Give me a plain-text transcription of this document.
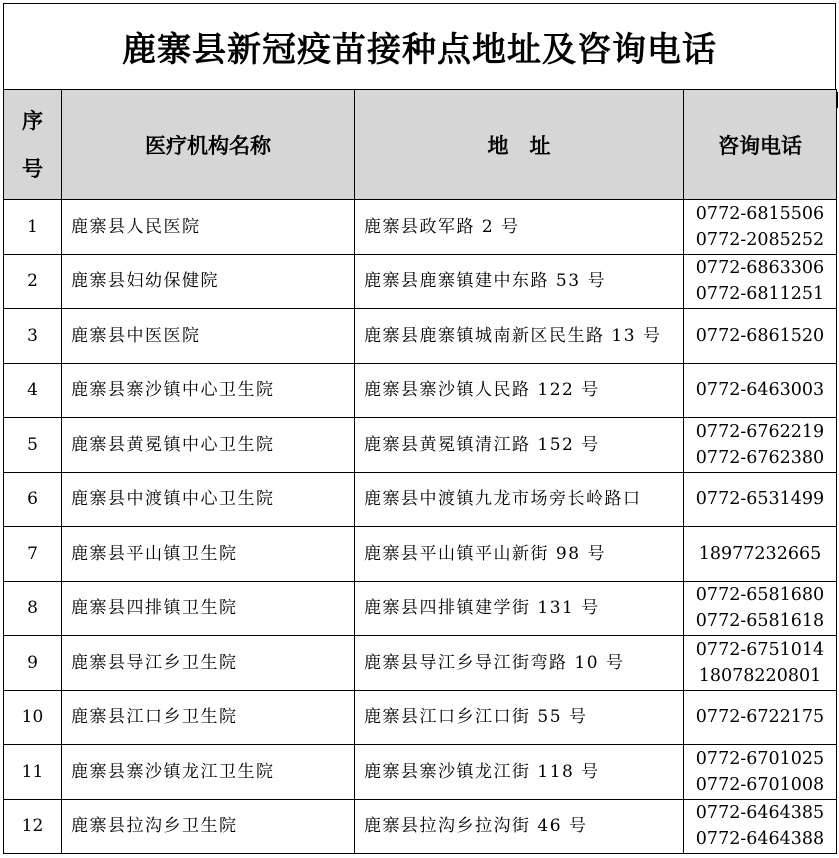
鹿寨县新冠疫苗接种点地址及咨询电话
序
号	医疗机构名称	地　址	咨询电话
1	鹿寨县人民医院	鹿寨县政军路 2 号	0772-6815506
0772-2085252

2	鹿寨县妇幼保健院	鹿寨县鹿寨镇建中东路 53 号	0772-6863306
0772-6811251

3	鹿寨县中医医院	鹿寨县鹿寨镇城南新区民生路 13 号	0772-6861520

4	鹿寨县寨沙镇中心卫生院	鹿寨县寨沙镇人民路 122 号	0772-6463003

5	鹿寨县黄冕镇中心卫生院	鹿寨县黄冕镇清江路 152 号	0772-6762219
0772-6762380

6	鹿寨县中渡镇中心卫生院	鹿寨县中渡镇九龙市场旁长岭路口	0772-6531499

7	鹿寨县平山镇卫生院	鹿寨县平山镇平山新街 98 号	18977232665

8	鹿寨县四排镇卫生院	鹿寨县四排镇建学街 131 号	0772-6581680
0772-6581618

9	鹿寨县导江乡卫生院	鹿寨县导江乡导江街弯路 10 号	0772-6751014
18078220801

10	鹿寨县江口乡卫生院	鹿寨县江口乡江口街 55 号	0772-6722175

11	鹿寨县寨沙镇龙江卫生院	鹿寨县寨沙镇龙江街 118 号	0772-6701025
0772-6701008

12	鹿寨县拉沟乡卫生院	鹿寨县拉沟乡拉沟街 46 号	0772-6464385
0772-6464388
